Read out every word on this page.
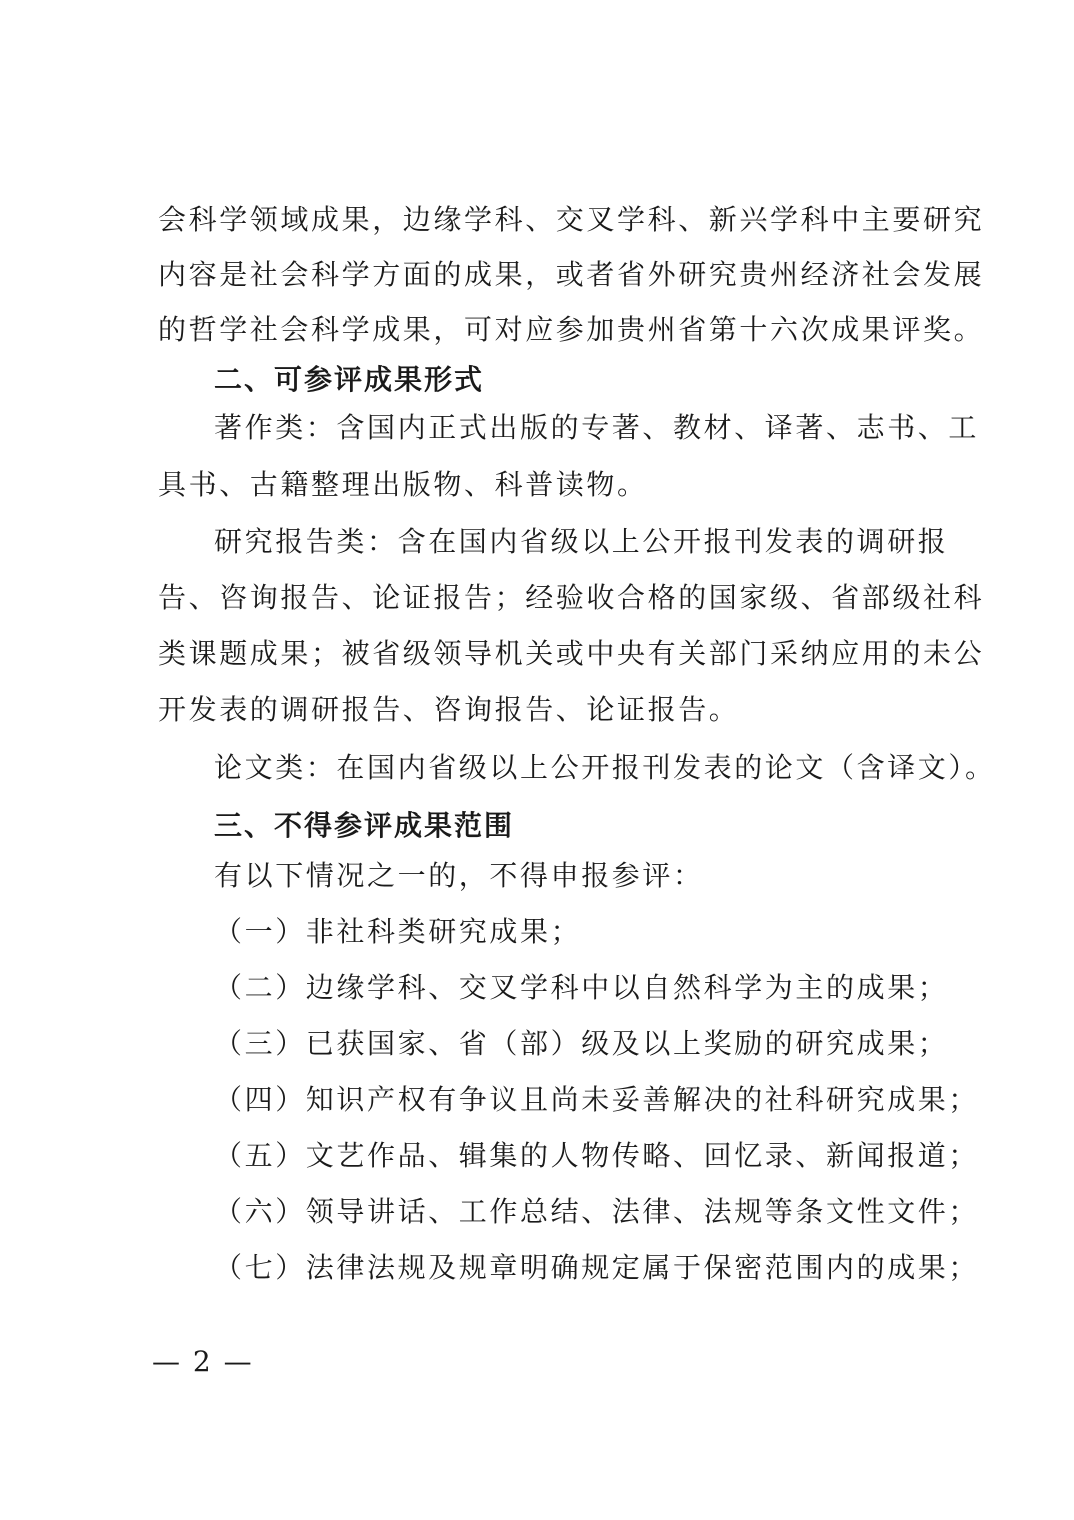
会科学领域成果，边缘学科、交叉学科、新兴学科中主要研究
内容是社会科学方面的成果，或者省外研究贵州经济社会发展
的哲学社会科学成果，可对应参加贵州省第十六次成果评奖。
二、可参评成果形式
著作类：含国内正式出版的专著、教材、译著、志书、工
具书、古籍整理出版物、科普读物。
研究报告类：含在国内省级以上公开报刊发表的调研报
告、咨询报告、论证报告；经验收合格的国家级、省部级社科
类课题成果；被省级领导机关或中央有关部门采纳应用的未公
开发表的调研报告、咨询报告、论证报告。
论文类：在国内省级以上公开报刊发表的论文（含译文）。
三、不得参评成果范围
有以下情况之一的，不得申报参评：
（一）非社科类研究成果；
（二）边缘学科、交叉学科中以自然科学为主的成果；
（三）已获国家、省（部）级及以上奖励的研究成果；
（四）知识产权有争议且尚未妥善解决的社科研究成果；
（五）文艺作品、辑集的人物传略、回忆录、新闻报道；
（六）领导讲话、工作总结、法律、法规等条文性文件；
（七）法律法规及规章明确规定属于保密范围内的成果；
— 2 —
